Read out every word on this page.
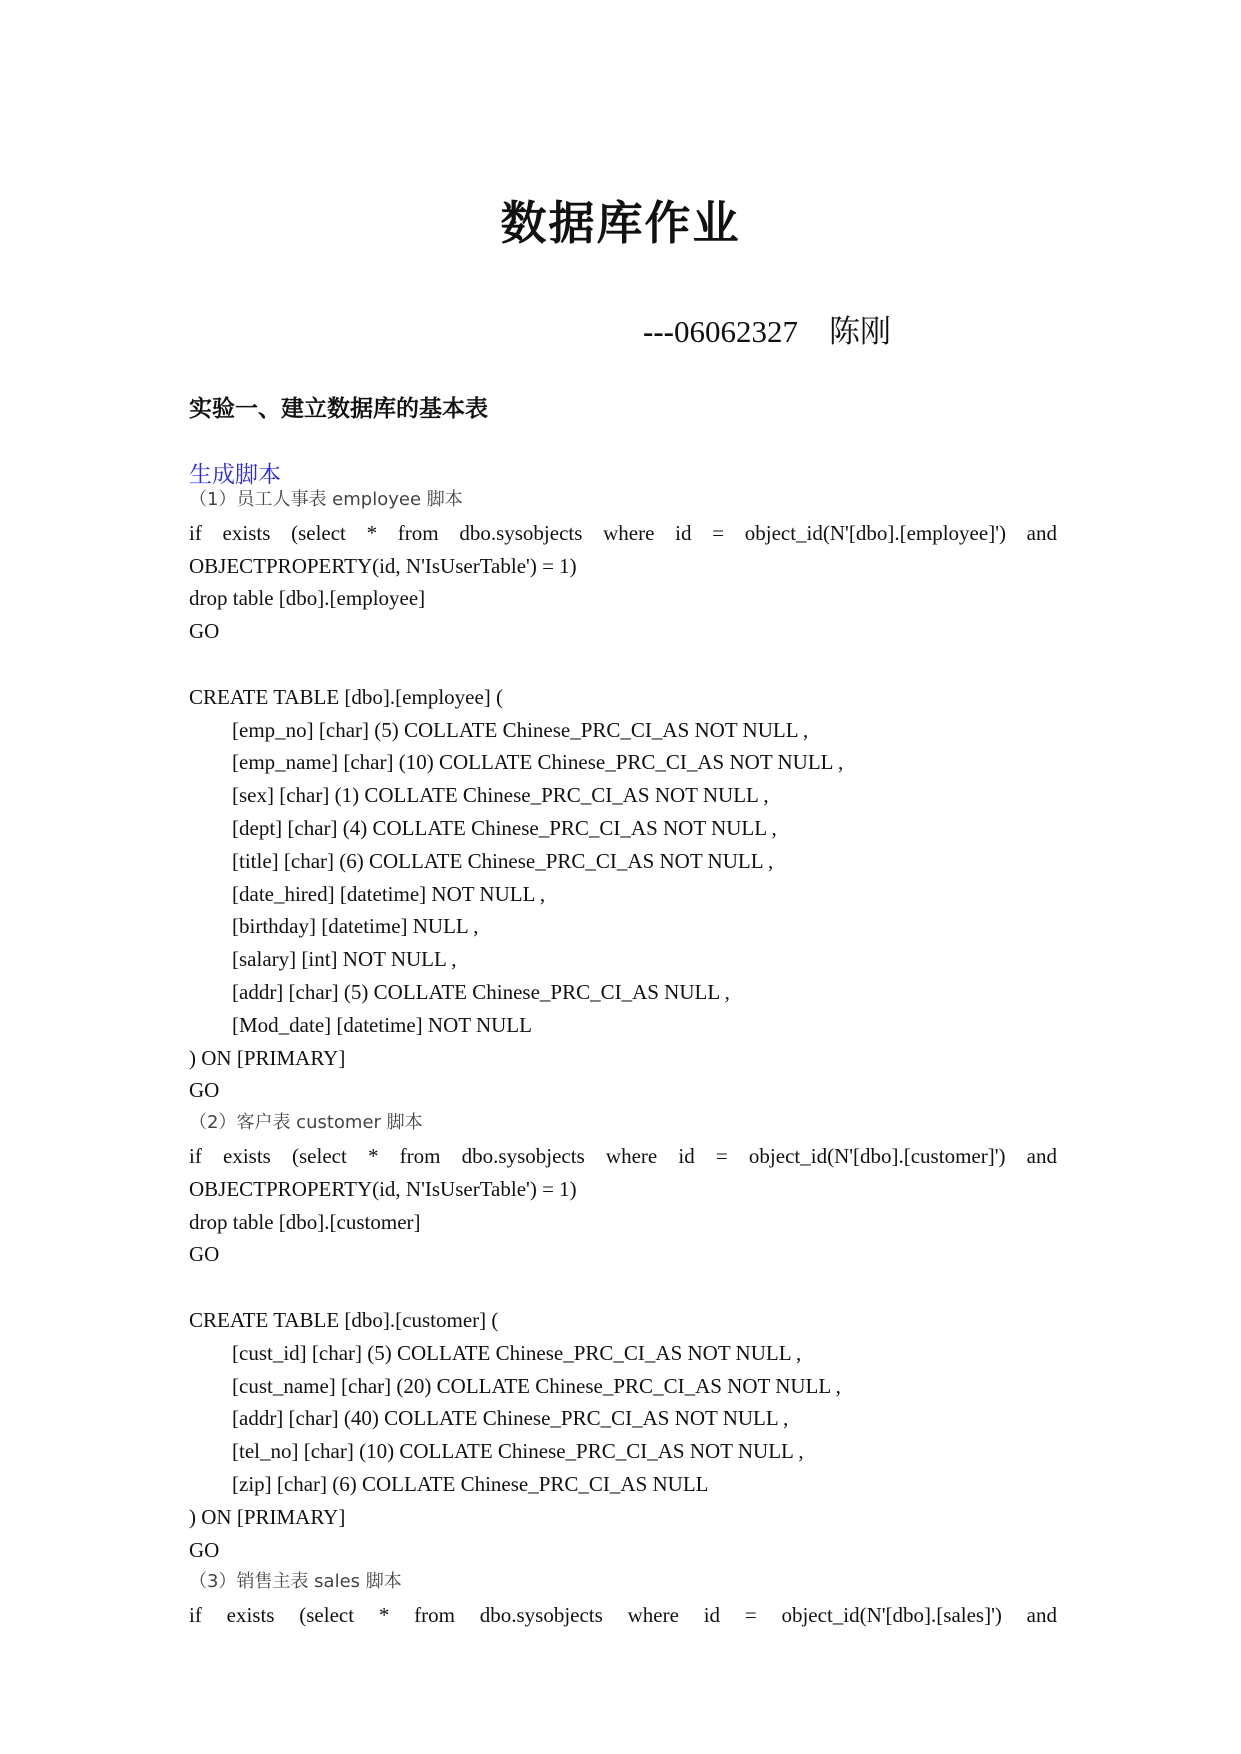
数据库作业
---06062327    陈刚
实验一、建立数据库的基本表
生成脚本
（1）员工人事表 employee 脚本
if exists (select * from dbo.sysobjects where id = object_id(N'[dbo].[employee]') and
OBJECTPROPERTY(id, N'IsUserTable') = 1)
drop table [dbo].[employee]
GO
CREATE TABLE [dbo].[employee] (
[emp_no] [char] (5) COLLATE Chinese_PRC_CI_AS NOT NULL ,
[emp_name] [char] (10) COLLATE Chinese_PRC_CI_AS NOT NULL ,
[sex] [char] (1) COLLATE Chinese_PRC_CI_AS NOT NULL ,
[dept] [char] (4) COLLATE Chinese_PRC_CI_AS NOT NULL ,
[title] [char] (6) COLLATE Chinese_PRC_CI_AS NOT NULL ,
[date_hired] [datetime] NOT NULL ,
[birthday] [datetime] NULL ,
[salary] [int] NOT NULL ,
[addr] [char] (5) COLLATE Chinese_PRC_CI_AS NULL ,
[Mod_date] [datetime] NOT NULL
) ON [PRIMARY]
GO
（2）客户表 customer 脚本
if exists (select * from dbo.sysobjects where id = object_id(N'[dbo].[customer]') and
OBJECTPROPERTY(id, N'IsUserTable') = 1)
drop table [dbo].[customer]
GO
CREATE TABLE [dbo].[customer] (
[cust_id] [char] (5) COLLATE Chinese_PRC_CI_AS NOT NULL ,
[cust_name] [char] (20) COLLATE Chinese_PRC_CI_AS NOT NULL ,
[addr] [char] (40) COLLATE Chinese_PRC_CI_AS NOT NULL ,
[tel_no] [char] (10) COLLATE Chinese_PRC_CI_AS NOT NULL ,
[zip] [char] (6) COLLATE Chinese_PRC_CI_AS NULL
) ON [PRIMARY]
GO
（3）销售主表 sales 脚本
if exists (select * from dbo.sysobjects where id = object_id(N'[dbo].[sales]') and
